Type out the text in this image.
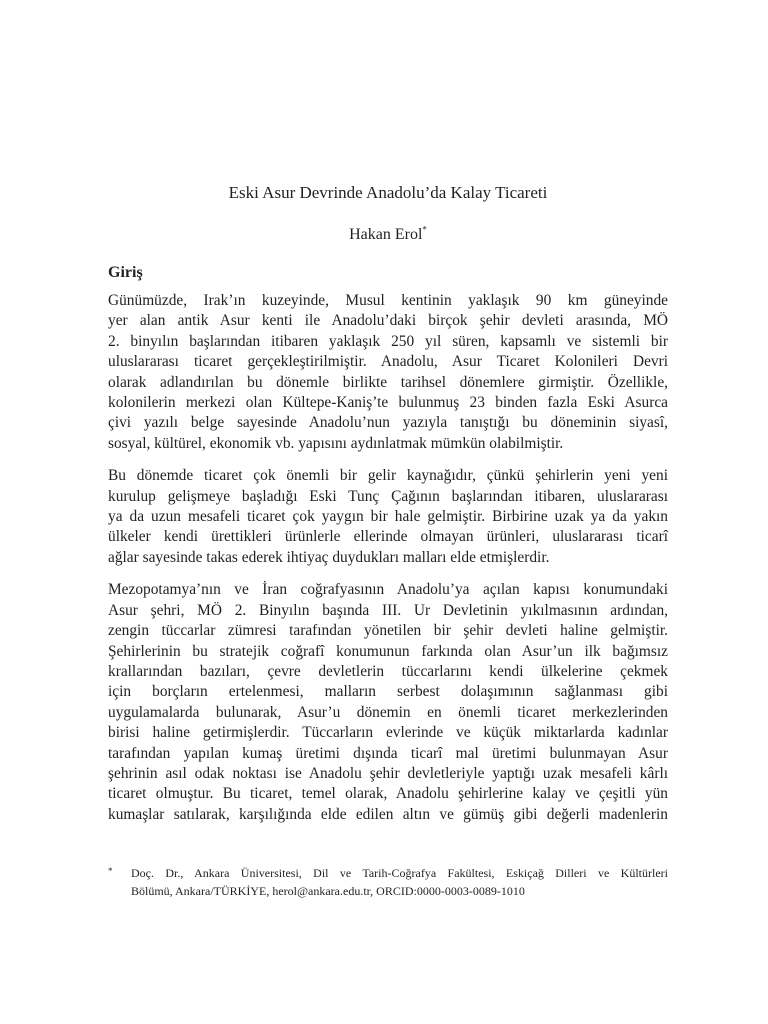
Eski Asur Devrinde Anadolu’da Kalay Ticareti
Hakan Erol*
Giriş

Günümüzde, Irak’ın kuzeyinde, Musul kentinin yaklaşık 90 km güneyinde
yer alan antik Asur kenti ile Anadolu’daki birçok şehir devleti arasında, MÖ
2. binyılın başlarından itibaren yaklaşık 250 yıl süren, kapsamlı ve sistemli bir
uluslararası ticaret gerçekleştirilmiştir. Anadolu, Asur Ticaret Kolonileri Devri
olarak adlandırılan bu dönemle birlikte tarihsel dönemlere girmiştir. Özellikle,
kolonilerin merkezi olan Kültepe-Kaniş’te bulunmuş 23 binden fazla Eski Asurca
çivi yazılı belge sayesinde Anadolu’nun yazıyla tanıştığı bu döneminin siyasî,
sosyal, kültürel, ekonomik vb. yapısını aydınlatmak mümkün olabilmiştir.

Bu dönemde ticaret çok önemli bir gelir kaynağıdır, çünkü şehirlerin yeni yeni
kurulup gelişmeye başladığı Eski Tunç Çağının başlarından itibaren, uluslararası
ya da uzun mesafeli ticaret çok yaygın bir hale gelmiştir. Birbirine uzak ya da yakın
ülkeler kendi ürettikleri ürünlerle ellerinde olmayan ürünleri, uluslararası ticarî
ağlar sayesinde takas ederek ihtiyaç duydukları malları elde etmişlerdir.

Mezopotamya’nın ve İran coğrafyasının Anadolu’ya açılan kapısı konumundaki
Asur şehri, MÖ 2. Binyılın başında III. Ur Devletinin yıkılmasının ardından,
zengin tüccarlar zümresi tarafından yönetilen bir şehir devleti haline gelmiştir.
Şehirlerinin bu stratejik coğrafî konumunun farkında olan Asur’un ilk bağımsız
krallarından bazıları, çevre devletlerin tüccarlarını kendi ülkelerine çekmek
için borçların ertelenmesi, malların serbest dolaşımının sağlanması gibi
uygulamalarda bulunarak, Asur’u dönemin en önemli ticaret merkezlerinden
birisi haline getirmişlerdir. Tüccarların evlerinde ve küçük miktarlarda kadınlar
tarafından yapılan kumaş üretimi dışında ticarî mal üretimi bulunmayan Asur
şehrinin asıl odak noktası ise Anadolu şehir devletleriyle yaptığı uzak mesafeli kârlı
ticaret olmuştur. Bu ticaret, temel olarak, Anadolu şehirlerine kalay ve çeşitli yün
kumaşlar satılarak, karşılığında elde edilen altın ve gümüş gibi değerli madenlerin

* Doç. Dr., Ankara Üniversitesi, Dil ve Tarih-Coğrafya Fakültesi, Eskiçağ Dilleri ve Kültürleri
Bölümü, Ankara/TÜRKİYE, herol@ankara.edu.tr, ORCID:0000-0003-0089-1010
